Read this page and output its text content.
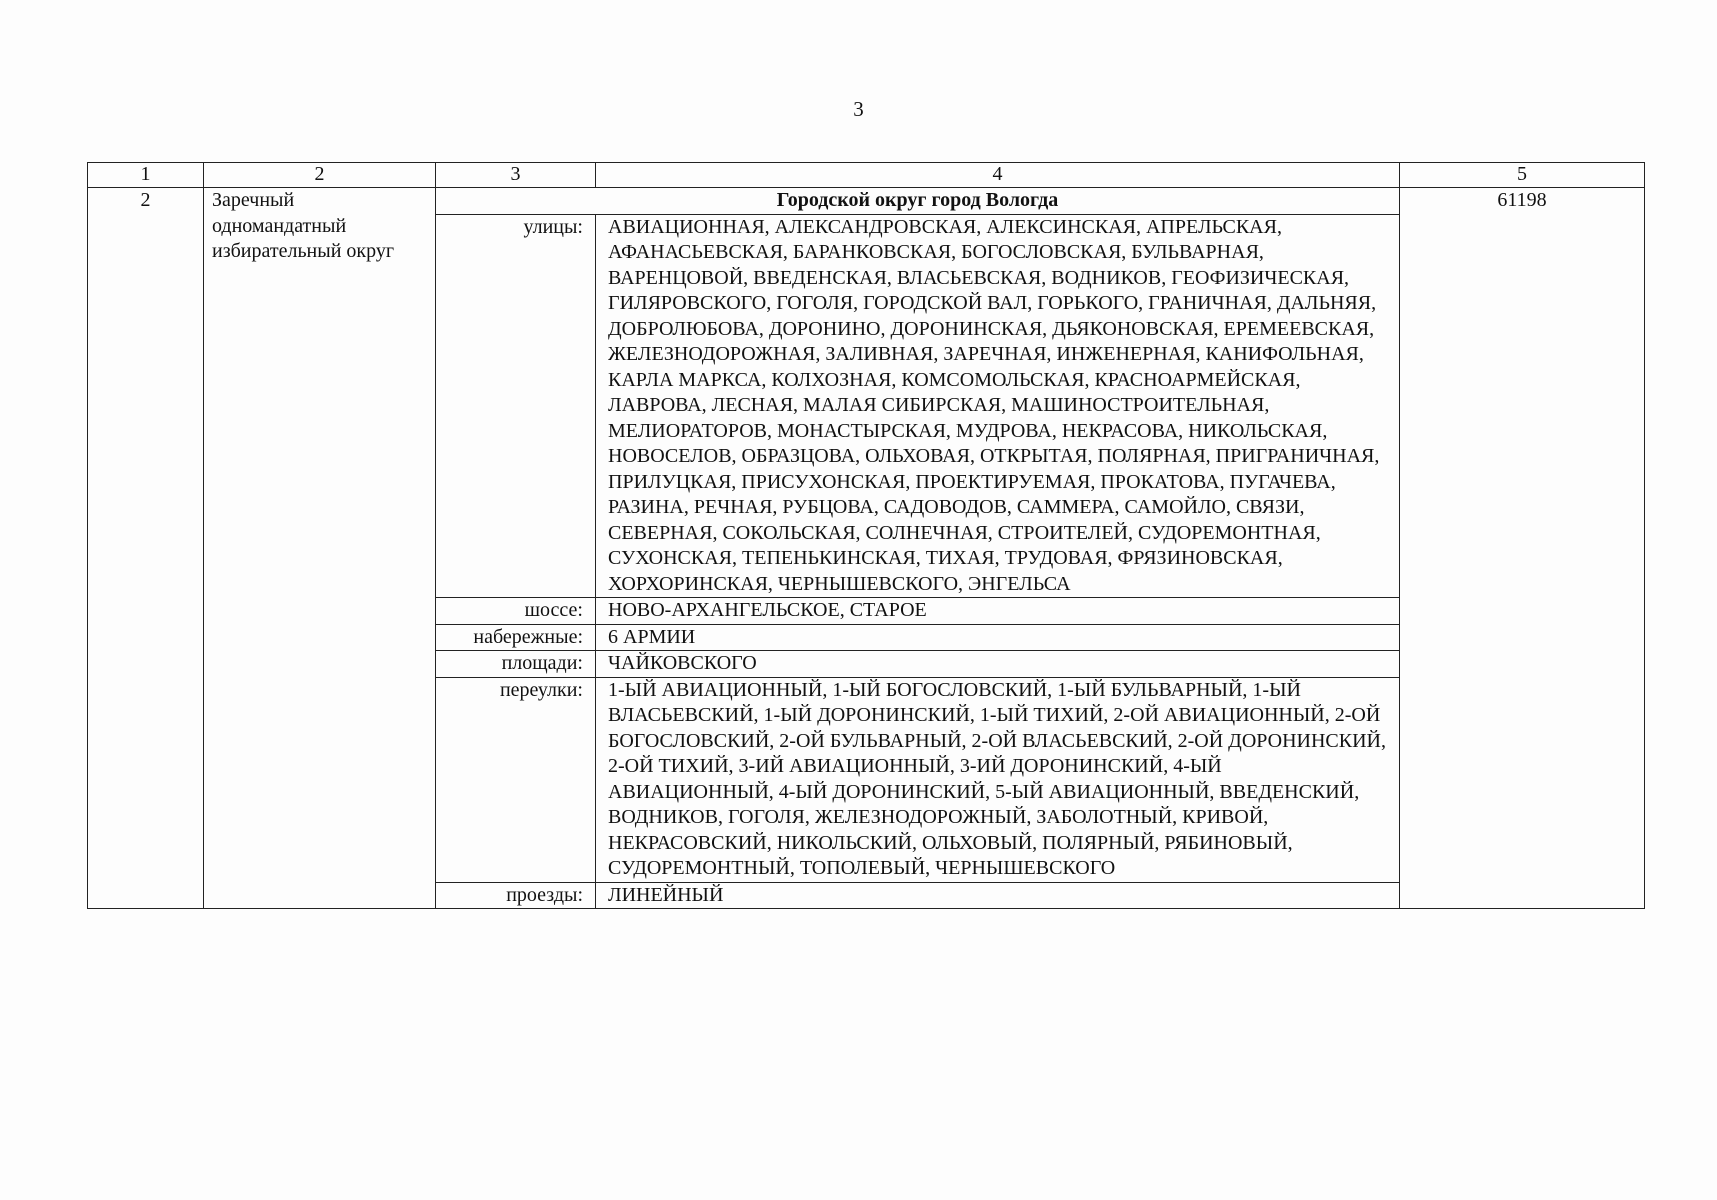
3
1	2	3	4	5
2	Заречный одномандатный избирательный округ	Городской округ город Вологда		61198
		улицы:	АВИАЦИОННАЯ, АЛЕКСАНДРОВСКАЯ, АЛЕКСИНСКАЯ, АПРЕЛЬСКАЯ, АФАНАСЬЕВСКАЯ, БАРАНКОВСКАЯ, БОГОСЛОВСКАЯ, БУЛЬВАРНАЯ, ВАРЕНЦОВОЙ, ВВЕДЕНСКАЯ, ВЛАСЬЕВСКАЯ, ВОДНИКОВ, ГЕОФИЗИЧЕСКАЯ, ГИЛЯРОВСКОГО, ГОГОЛЯ, ГОРОДСКОЙ ВАЛ, ГОРЬКОГО, ГРАНИЧНАЯ, ДАЛЬНЯЯ, ДОБРОЛЮБОВА, ДОРОНИНО, ДОРОНИНСКАЯ, ДЬЯКОНОВСКАЯ, ЕРЕМЕЕВСКАЯ, ЖЕЛЕЗНОДОРОЖНАЯ, ЗАЛИВНАЯ, ЗАРЕЧНАЯ, ИНЖЕНЕРНАЯ, КАНИФОЛЬНАЯ, КАРЛА МАРКСА, КОЛХОЗНАЯ, КОМСОМОЛЬСКАЯ, КРАСНОАРМЕЙСКАЯ, ЛАВРОВА, ЛЕСНАЯ, МАЛАЯ СИБИРСКАЯ, МАШИНОСТРОИТЕЛЬНАЯ, МЕЛИОРАТОРОВ, МОНАСТЫРСКАЯ, МУДРОВА, НЕКРАСОВА, НИКОЛЬСКАЯ, НОВОСЕЛОВ, ОБРАЗЦОВА, ОЛЬХОВАЯ, ОТКРЫТАЯ, ПОЛЯРНАЯ, ПРИГРАНИЧНАЯ, ПРИЛУЦКАЯ, ПРИСУХОНСКАЯ, ПРОЕКТИРУЕМАЯ, ПРОКАТОВА, ПУГАЧЕВА, РАЗИНА, РЕЧНАЯ, РУБЦОВА, САДОВОДОВ, САММЕРА, САМОЙЛО, СВЯЗИ, СЕВЕРНАЯ, СОКОЛЬСКАЯ, СОЛНЕЧНАЯ, СТРОИТЕЛЕЙ, СУДОРЕМОНТНАЯ, СУХОНСКАЯ, ТЕПЕНЬКИНСКАЯ, ТИХАЯ, ТРУДОВАЯ, ФРЯЗИНОВСКАЯ, ХОРХОРИНСКАЯ, ЧЕРНЫШЕВСКОГО, ЭНГЕЛЬСА	
		шоссе:	НОВО-АРХАНГЕЛЬСКОЕ, СТАРОЕ	
		набережные:	6 АРМИИ	
		площади:	ЧАЙКОВСКОГО	
		переулки:	1-ЫЙ АВИАЦИОННЫЙ, 1-ЫЙ БОГОСЛОВСКИЙ, 1-ЫЙ БУЛЬВАРНЫЙ, 1-ЫЙ ВЛАСЬЕВСКИЙ, 1-ЫЙ ДОРОНИНСКИЙ, 1-ЫЙ ТИХИЙ, 2-ОЙ АВИАЦИОННЫЙ, 2-ОЙ БОГОСЛОВСКИЙ, 2-ОЙ БУЛЬВАРНЫЙ, 2-ОЙ ВЛАСЬЕВСКИЙ, 2-ОЙ ДОРОНИНСКИЙ, 2-ОЙ ТИХИЙ, 3-ИЙ АВИАЦИОННЫЙ, 3-ИЙ ДОРОНИНСКИЙ, 4-ЫЙ АВИАЦИОННЫЙ, 4-ЫЙ ДОРОНИНСКИЙ, 5-ЫЙ АВИАЦИОННЫЙ, ВВЕДЕНСКИЙ, ВОДНИКОВ, ГОГОЛЯ, ЖЕЛЕЗНОДОРОЖНЫЙ, ЗАБОЛОТНЫЙ, КРИВОЙ, НЕКРАСОВСКИЙ, НИКОЛЬСКИЙ, ОЛЬХОВЫЙ, ПОЛЯРНЫЙ, РЯБИНОВЫЙ, СУДОРЕМОНТНЫЙ, ТОПОЛЕВЫЙ, ЧЕРНЫШЕВСКОГО	
		проезды:	ЛИНЕЙНЫЙ	
